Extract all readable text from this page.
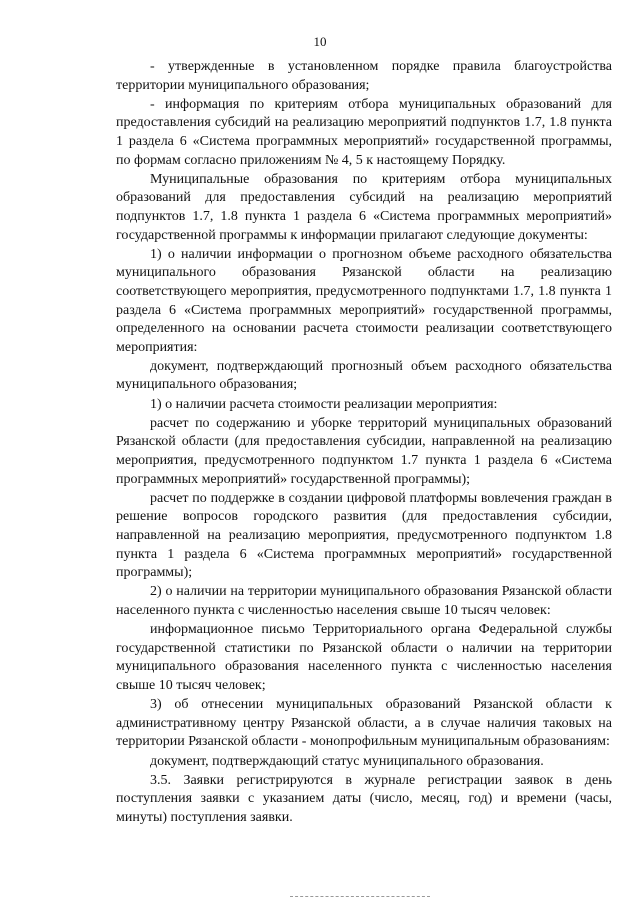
10

- утвержденные в установленном порядке правила благоустройства территории муниципального образования;

- информация по критериям отбора муниципальных образований для предоставления субсидий на реализацию мероприятий подпунктов 1.7, 1.8 пункта 1 раздела 6 «Система программных мероприятий» государственной программы, по формам согласно приложениям № 4, 5 к настоящему Порядку.

Муниципальные образования по критериям отбора муниципальных образований для предоставления субсидий на реализацию мероприятий подпунктов 1.7, 1.8 пункта 1 раздела 6 «Система программных мероприятий» государственной программы к информации прилагают следующие документы:

1) о наличии информации о прогнозном объеме расходного обязательства муниципального образования Рязанской области на реализацию соответствующего мероприятия, предусмотренного подпунктами 1.7, 1.8 пункта 1 раздела 6 «Система программных мероприятий» государственной программы, определенного на основании расчета стоимости реализации соответствующего мероприятия:

документ, подтверждающий прогнозный объем расходного обязательства муниципального образования;

1) о наличии расчета стоимости реализации мероприятия:

расчет по содержанию и уборке территорий муниципальных образований Рязанской области (для предоставления субсидии, направленной на реализацию мероприятия, предусмотренного подпунктом 1.7 пункта 1 раздела 6 «Система программных мероприятий» государственной программы);

расчет по поддержке в создании цифровой платформы вовлечения граждан в решение вопросов городского развития (для предоставления субсидии, направленной на реализацию мероприятия, предусмотренного подпунктом 1.8 пункта 1 раздела 6 «Система программных мероприятий» государственной программы);

2) о наличии на территории муниципального образования Рязанской области населенного пункта с численностью населения свыше 10 тысяч человек:

информационное письмо Территориального органа Федеральной службы государственной статистики по Рязанской области о наличии на территории муниципального образования населенного пункта с численностью населения свыше 10 тысяч человек;

3) об отнесении муниципальных образований Рязанской области к административному центру Рязанской области, а в случае наличия таковых на территории Рязанской области - монопрофильным муниципальным образованиям:

документ, подтверждающий статус муниципального образования.

3.5. Заявки регистрируются в журнале регистрации заявок в день поступления заявки с указанием даты (число, месяц, год) и времени (часы, минуты) поступления заявки.
